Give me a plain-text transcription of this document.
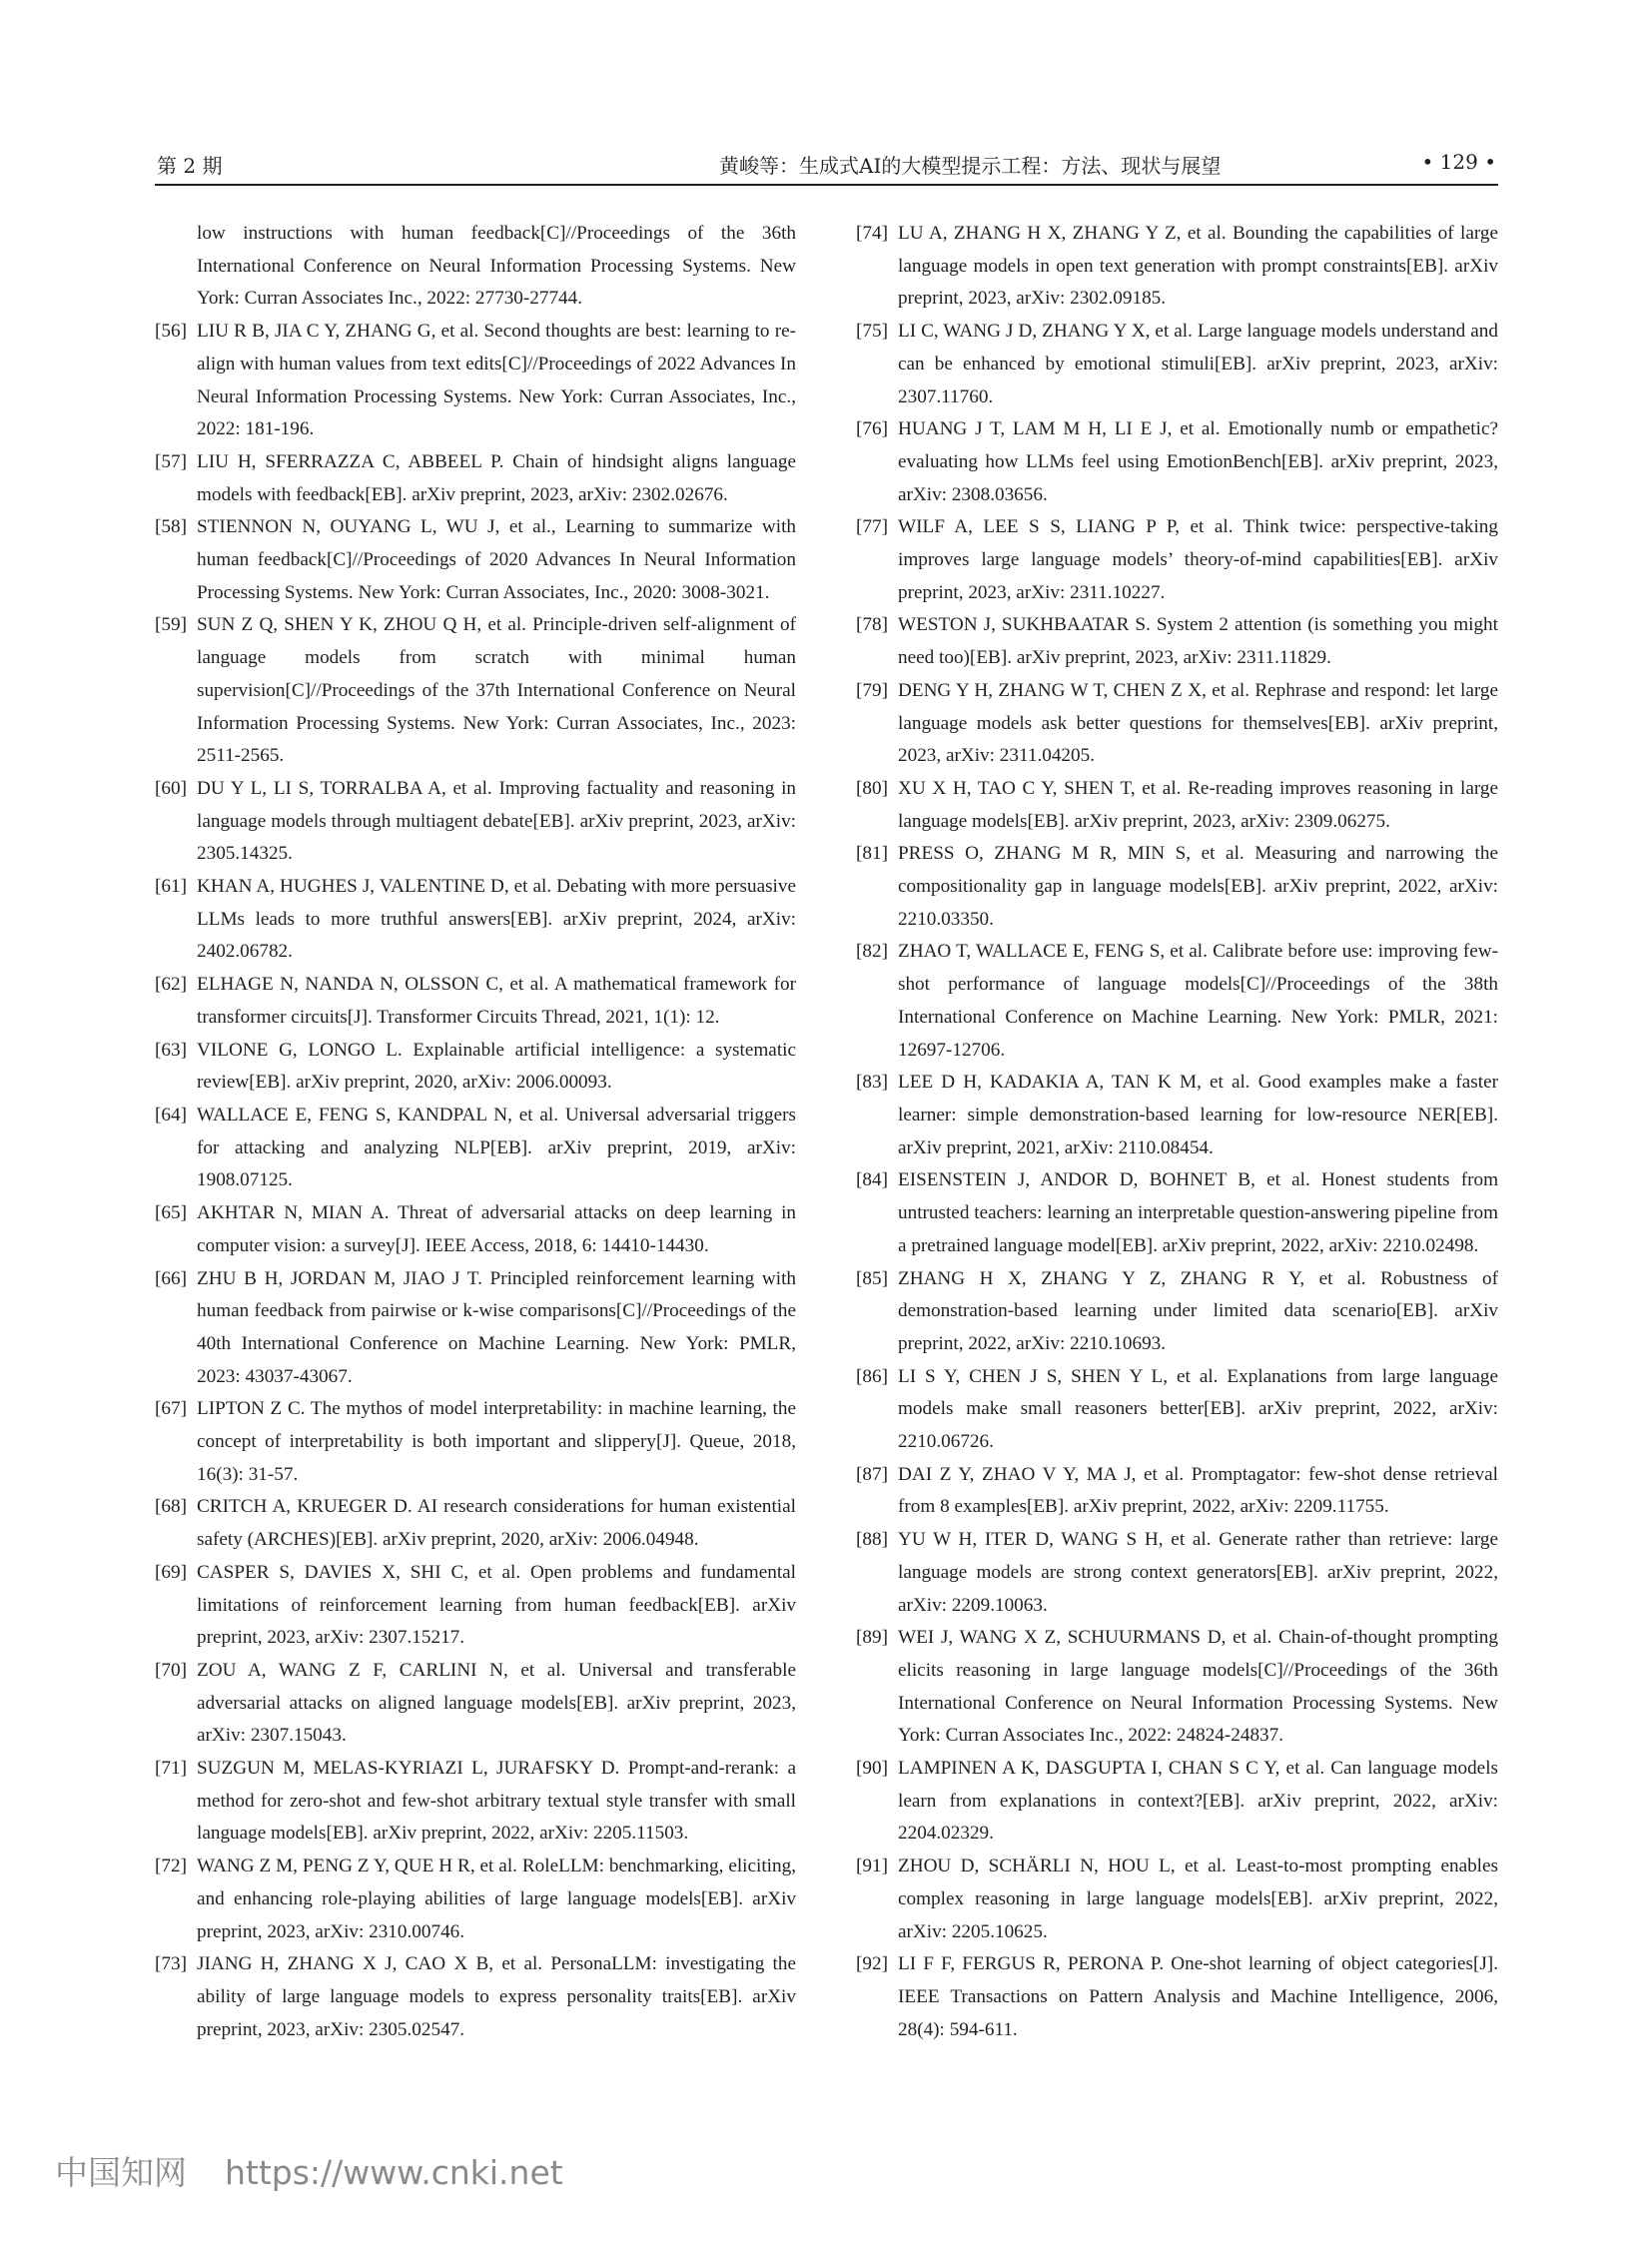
第 2 期	黄峻等：生成式AI的大模型提示工程：方法、现状与展望	• 129 •
low instructions with human feedback[C]//Proceedings of the 36th International Conference on Neural Information Processing Systems. New York: Curran Associates Inc., 2022: 27730-27744.
[56] LIU R B, JIA C Y, ZHANG G, et al. Second thoughts are best: learning to re-align with human values from text edits[C]//Proceedings of 2022 Advances In Neural Information Processing Systems. New York: Curran Associates, Inc., 2022: 181-196.
[57] LIU H, SFERRAZZA C, ABBEEL P. Chain of hindsight aligns language models with feedback[EB]. arXiv preprint, 2023, arXiv: 2302.02676.
[58] STIENNON N, OUYANG L, WU J, et al., Learning to summarize with human feedback[C]//Proceedings of 2020 Advances In Neural Information Processing Systems. New York: Curran Associates, Inc., 2020: 3008-3021.
[59] SUN Z Q, SHEN Y K, ZHOU Q H, et al. Principle-driven self-alignment of language models from scratch with minimal human supervision[C]//Proceedings of the 37th International Conference on Neural Information Processing Systems. New York: Curran Associates, Inc., 2023: 2511-2565.
[60] DU Y L, LI S, TORRALBA A, et al. Improving factuality and reasoning in language models through multiagent debate[EB]. arXiv preprint, 2023, arXiv: 2305.14325.
[61] KHAN A, HUGHES J, VALENTINE D, et al. Debating with more persuasive LLMs leads to more truthful answers[EB]. arXiv preprint, 2024, arXiv: 2402.06782.
[62] ELHAGE N, NANDA N, OLSSON C, et al. A mathematical framework for transformer circuits[J]. Transformer Circuits Thread, 2021, 1(1): 12.
[63] VILONE G, LONGO L. Explainable artificial intelligence: a systematic review[EB]. arXiv preprint, 2020, arXiv: 2006.00093.
[64] WALLACE E, FENG S, KANDPAL N, et al. Universal adversarial triggers for attacking and analyzing NLP[EB]. arXiv preprint, 2019, arXiv: 1908.07125.
[65] AKHTAR N, MIAN A. Threat of adversarial attacks on deep learning in computer vision: a survey[J]. IEEE Access, 2018, 6: 14410-14430.
[66] ZHU B H, JORDAN M, JIAO J T. Principled reinforcement learning with human feedback from pairwise or k-wise comparisons[C]//Proceedings of the 40th International Conference on Machine Learning. New York: PMLR, 2023: 43037-43067.
[67] LIPTON Z C. The mythos of model interpretability: in machine learning, the concept of interpretability is both important and slippery[J]. Queue, 2018, 16(3): 31-57.
[68] CRITCH A, KRUEGER D. AI research considerations for human existential safety (ARCHES)[EB]. arXiv preprint, 2020, arXiv: 2006.04948.
[69] CASPER S, DAVIES X, SHI C, et al. Open problems and fundamental limitations of reinforcement learning from human feedback[EB]. arXiv preprint, 2023, arXiv: 2307.15217.
[70] ZOU A, WANG Z F, CARLINI N, et al. Universal and transferable adversarial attacks on aligned language models[EB]. arXiv preprint, 2023, arXiv: 2307.15043.
[71] SUZGUN M, MELAS-KYRIAZI L, JURAFSKY D. Prompt-and-rerank: a method for zero-shot and few-shot arbitrary textual style transfer with small language models[EB]. arXiv preprint, 2022, arXiv: 2205.11503.
[72] WANG Z M, PENG Z Y, QUE H R, et al. RoleLLM: benchmarking, eliciting, and enhancing role-playing abilities of large language models[EB]. arXiv preprint, 2023, arXiv: 2310.00746.
[73] JIANG H, ZHANG X J, CAO X B, et al. PersonaLLM: investigating the ability of large language models to express personality traits[EB]. arXiv preprint, 2023, arXiv: 2305.02547.
[74] LU A, ZHANG H X, ZHANG Y Z, et al. Bounding the capabilities of large language models in open text generation with prompt constraints[EB]. arXiv preprint, 2023, arXiv: 2302.09185.
[75] LI C, WANG J D, ZHANG Y X, et al. Large language models understand and can be enhanced by emotional stimuli[EB]. arXiv preprint, 2023, arXiv: 2307.11760.
[76] HUANG J T, LAM M H, LI E J, et al. Emotionally numb or empathetic? evaluating how LLMs feel using EmotionBench[EB]. arXiv preprint, 2023, arXiv: 2308.03656.
[77] WILF A, LEE S S, LIANG P P, et al. Think twice: perspective-taking improves large language models’ theory-of-mind capabilities[EB]. arXiv preprint, 2023, arXiv: 2311.10227.
[78] WESTON J, SUKHBAATAR S. System 2 attention (is something you might need too)[EB]. arXiv preprint, 2023, arXiv: 2311.11829.
[79] DENG Y H, ZHANG W T, CHEN Z X, et al. Rephrase and respond: let large language models ask better questions for themselves[EB]. arXiv preprint, 2023, arXiv: 2311.04205.
[80] XU X H, TAO C Y, SHEN T, et al. Re-reading improves reasoning in large language models[EB]. arXiv preprint, 2023, arXiv: 2309.06275.
[81] PRESS O, ZHANG M R, MIN S, et al. Measuring and narrowing the compositionality gap in language models[EB]. arXiv preprint, 2022, arXiv: 2210.03350.
[82] ZHAO T, WALLACE E, FENG S, et al. Calibrate before use: improving few-shot performance of language models[C]//Proceedings of the 38th International Conference on Machine Learning. New York: PMLR, 2021: 12697-12706.
[83] LEE D H, KADAKIA A, TAN K M, et al. Good examples make a faster learner: simple demonstration-based learning for low-resource NER[EB]. arXiv preprint, 2021, arXiv: 2110.08454.
[84] EISENSTEIN J, ANDOR D, BOHNET B, et al. Honest students from untrusted teachers: learning an interpretable question-answering pipeline from a pretrained language model[EB]. arXiv preprint, 2022, arXiv: 2210.02498.
[85] ZHANG H X, ZHANG Y Z, ZHANG R Y, et al. Robustness of demonstration-based learning under limited data scenario[EB]. arXiv preprint, 2022, arXiv: 2210.10693.
[86] LI S Y, CHEN J S, SHEN Y L, et al. Explanations from large language models make small reasoners better[EB]. arXiv preprint, 2022, arXiv: 2210.06726.
[87] DAI Z Y, ZHAO V Y, MA J, et al. Promptagator: few-shot dense retrieval from 8 examples[EB]. arXiv preprint, 2022, arXiv: 2209.11755.
[88] YU W H, ITER D, WANG S H, et al. Generate rather than retrieve: large language models are strong context generators[EB]. arXiv preprint, 2022, arXiv: 2209.10063.
[89] WEI J, WANG X Z, SCHUURMANS D, et al. Chain-of-thought prompting elicits reasoning in large language models[C]//Proceedings of the 36th International Conference on Neural Information Processing Systems. New York: Curran Associates Inc., 2022: 24824-24837.
[90] LAMPINEN A K, DASGUPTA I, CHAN S C Y, et al. Can language models learn from explanations in context?[EB]. arXiv preprint, 2022, arXiv: 2204.02329.
[91] ZHOU D, SCHÄRLI N, HOU L, et al. Least-to-most prompting enables complex reasoning in large language models[EB]. arXiv preprint, 2022, arXiv: 2205.10625.
[92] LI F F, FERGUS R, PERONA P. One-shot learning of object categories[J]. IEEE Transactions on Pattern Analysis and Machine Intelligence, 2006, 28(4): 594-611.
中国知网 https://www.cnki.net
